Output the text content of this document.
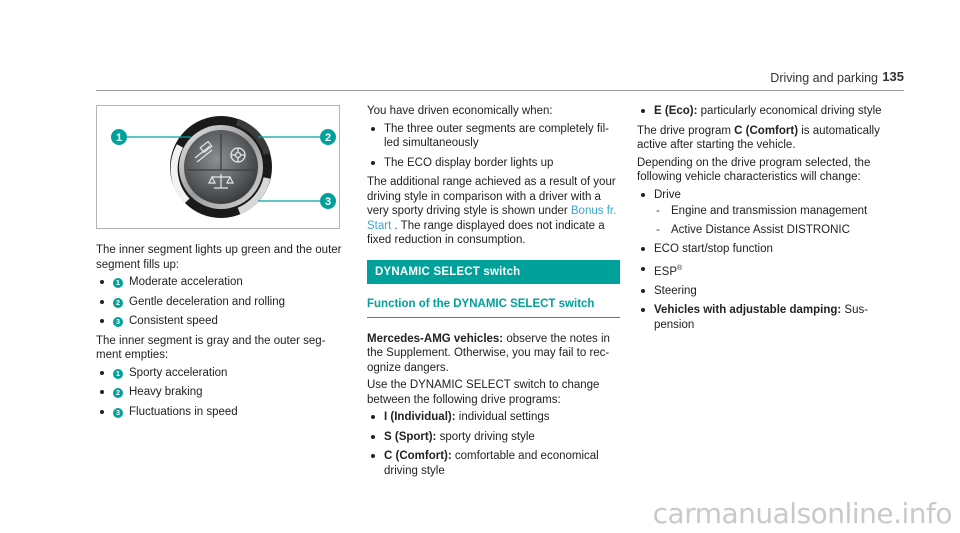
Driving and parking 135
1	2
3

The inner segment lights up green and the outer segment fills up:

1 Moderate acceleration
2 Gentle deceleration and rolling
3 Consistent speed

The inner segment is gray and the outer segment empties:

1 Sporty acceleration
2 Heavy braking
3 Fluctuations in speed

You have driven economically when:

The three outer segments are completely filled simultaneously
The ECO display border lights up

The additional range achieved as a result of your driving style in comparison with a driver with a very sporty driving style is shown under Bonus fr. Start . The range displayed does not indicate a fixed reduction in consumption.

DYNAMIC SELECT switch
Function of the DYNAMIC SELECT switch

Mercedes-AMG vehicles: observe the notes in the Supplement. Otherwise, you may fail to recognize dangers.

Use the DYNAMIC SELECT switch to change between the following drive programs:

I (Individual): individual settings
S (Sport): sporty driving style
C (Comfort): comfortable and economical driving style
E (Eco): particularly economical driving style

The drive program C (Comfort) is automatically active after starting the vehicle.

Depending on the drive program selected, the following vehicle characteristics will change:

Drive
- Engine and transmission management
- Active Distance Assist DISTRONIC
ECO start/stop function
ESP®
Steering
Vehicles with adjustable damping: Suspension
carmanualsonline.info
